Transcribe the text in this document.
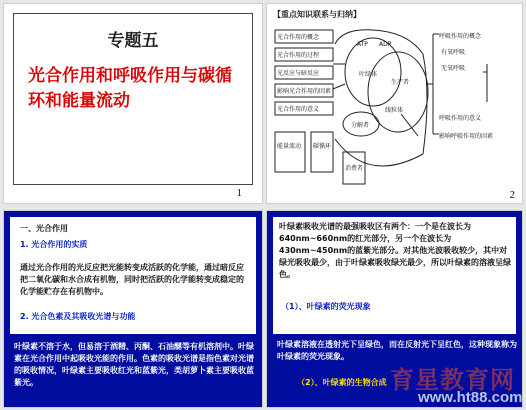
专题五
光合作用和呼吸作用与碳循环和能量流动
1
【重点知识联系与归纳】
光合作用的概念
光合作用的过程
光反应与暗反应
影响光合作用的因素
光合作用的意义
ATP ADP
叶绿体
线粒体
生产者
分解者
有氧呼吸
无氧呼吸
呼吸作用的概念
呼吸作用的意义
影响呼吸作用的因素
能量流动 碳循环
消费者
2
一、光合作用
1. 光合作用的实质
通过光合作用的光反应把光能转变成活跃的化学能，通过暗反应把二氧化碳和水合成有机物，同时把活跃的化学能转变成稳定的化学能贮存在有机物中。
2. 光合色素及其吸收光谱与功能
叶绿素不溶于水，但易溶于酒精、丙酮、石油醚等有机溶剂中。叶绿素在光合作用中起吸收光能的作用。色素的吸收光谱是指色素对光谱的吸收情况，叶绿素主要吸收红光和蓝紫光，类胡萝卜素主要吸收蓝紫光。
叶绿素吸收光谱的最强吸收区有两个：一个是在波长为640nm~660nm的红光部分，另一个在波长为430nm~450nm的蓝紫光部分。对其他光波吸收较少，其中对绿光吸收最少，由于叶绿素吸收绿光最少，所以叶绿素的溶液呈绿色。
（1）、叶绿素的荧光现象
叶绿素溶液在透射光下呈绿色，而在反射光下呈红色，这种现象称为叶绿素的荧光现象。
（2）、叶绿素的生物合成 育星教育网
www.ht88.com
